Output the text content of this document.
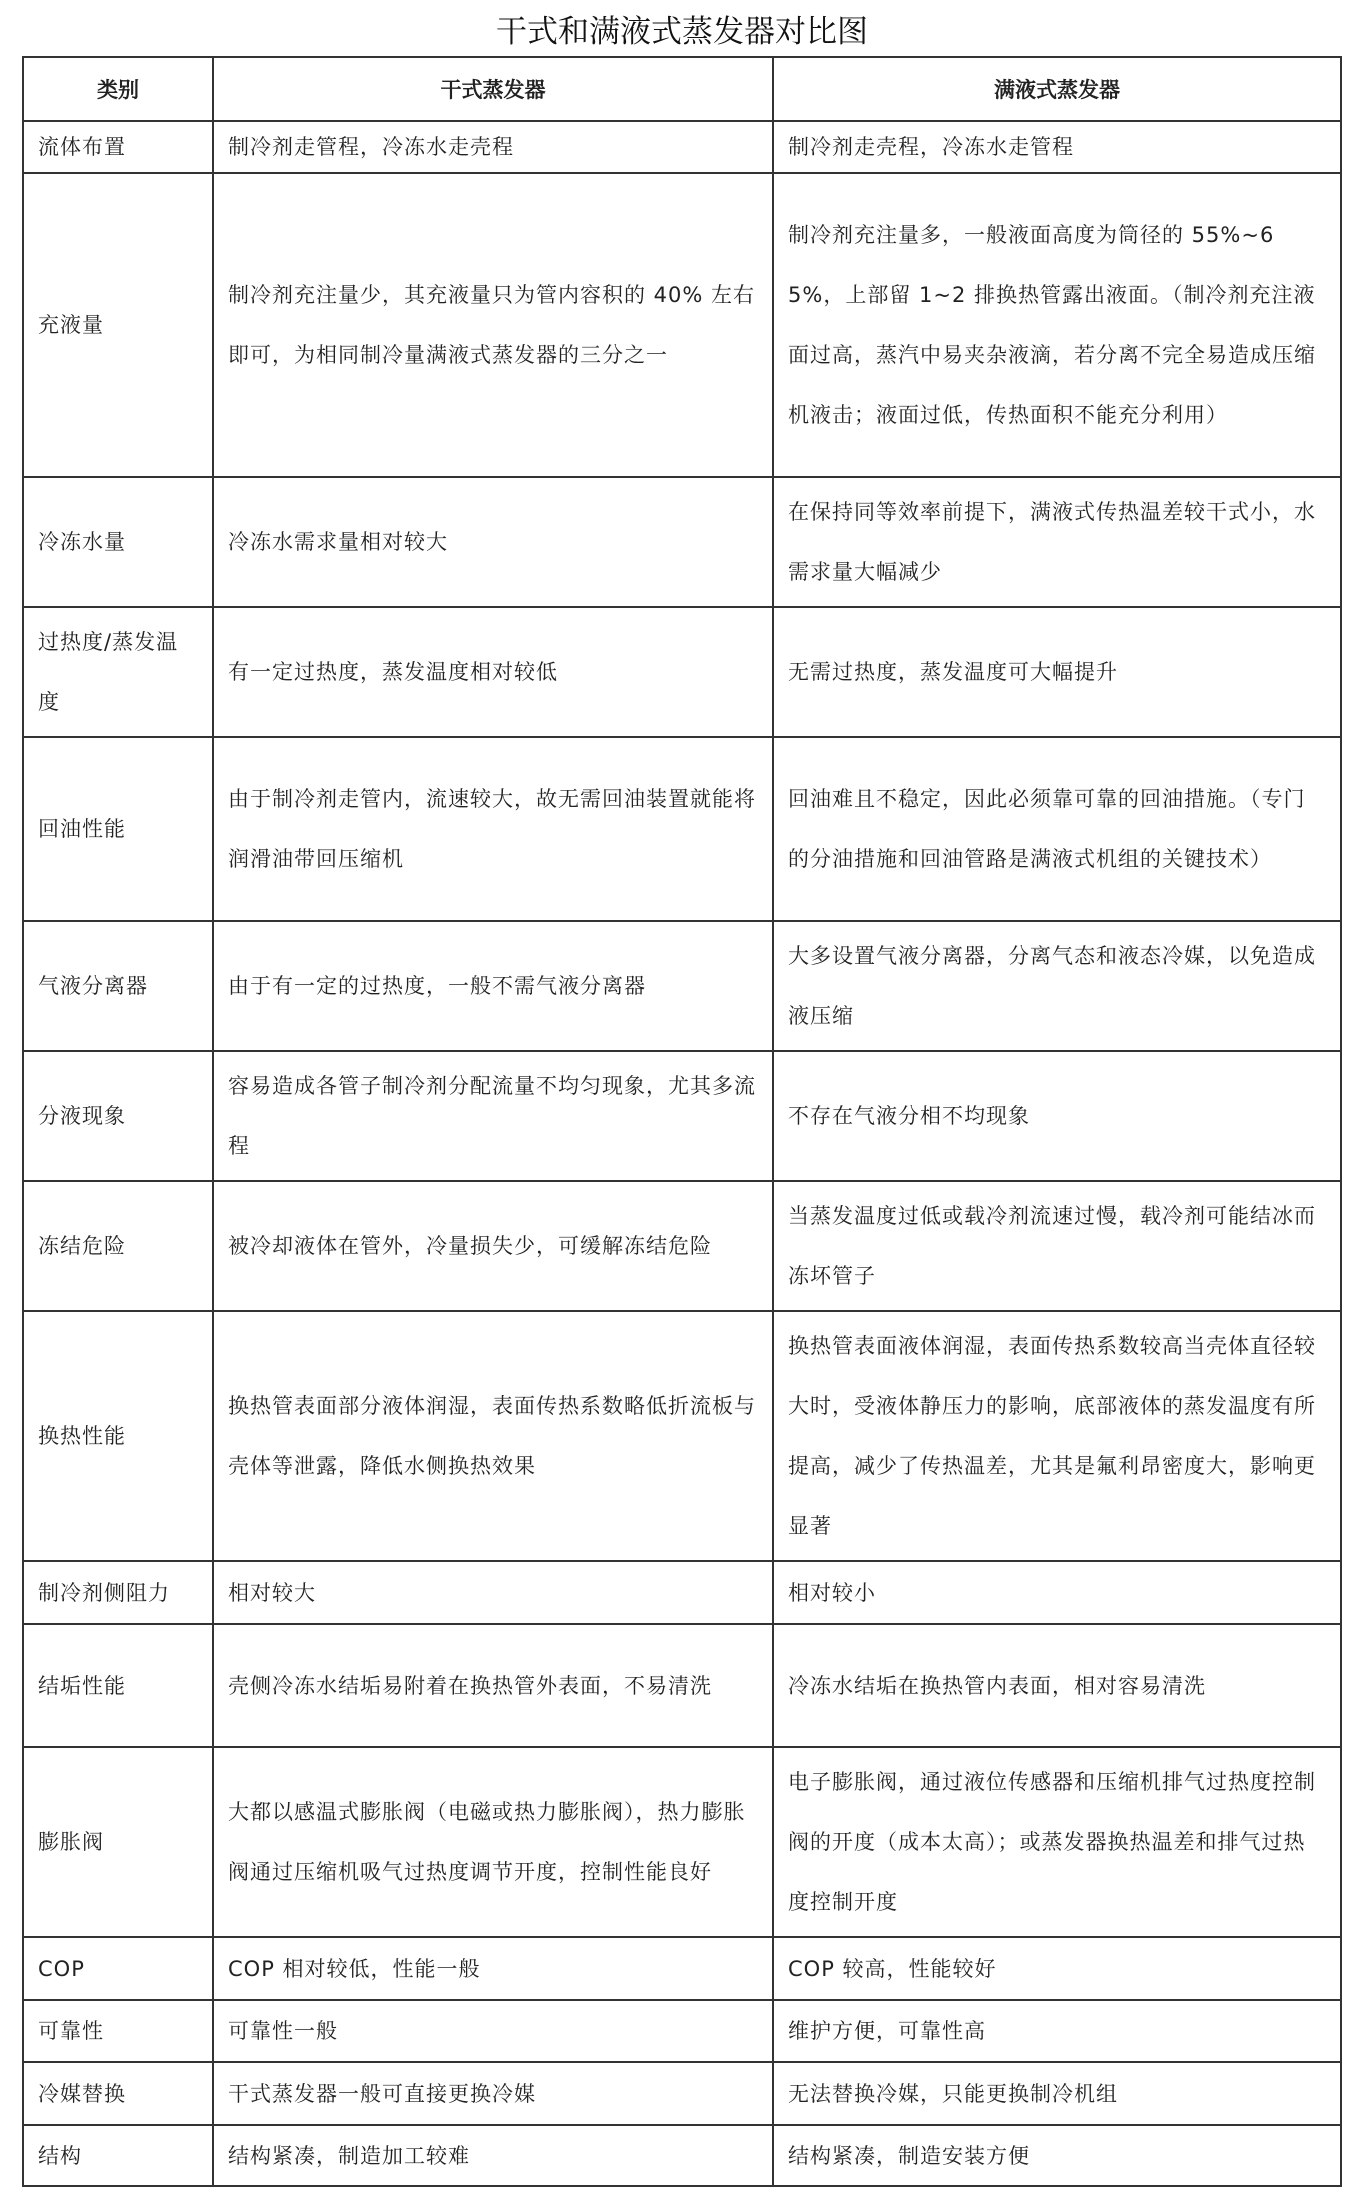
干式和满液式蒸发器对比图
类别	干式蒸发器	满液式蒸发器
流体布置	制冷剂走管程，冷冻水走壳程	制冷剂走壳程，冷冻水走管程
充液量	制冷剂充注量少，其充液量只为管内容积的 40% 左右即可，为相同制冷量满液式蒸发器的三分之一	制冷剂充注量多，一般液面高度为筒径的 55%~65%，上部留 1~2 排换热管露出液面。（制冷剂充注液面过高，蒸汽中易夹杂液滴，若分离不完全易造成压缩机液击；液面过低，传热面积不能充分利用）
冷冻水量	冷冻水需求量相对较大	在保持同等效率前提下，满液式传热温差较干式小，水需求量大幅减少
过热度/蒸发温度	有一定过热度，蒸发温度相对较低	无需过热度，蒸发温度可大幅提升
回油性能	由于制冷剂走管内，流速较大，故无需回油装置就能将润滑油带回压缩机	回油难且不稳定，因此必须靠可靠的回油措施。（专门的分油措施和回油管路是满液式机组的关键技术）
气液分离器	由于有一定的过热度，一般不需气液分离器	大多设置气液分离器，分离气态和液态冷媒，以免造成液压缩
分液现象	容易造成各管子制冷剂分配流量不均匀现象，尤其多流程	不存在气液分相不均现象
冻结危险	被冷却液体在管外，冷量损失少，可缓解冻结危险	当蒸发温度过低或载冷剂流速过慢，载冷剂可能结冰而冻坏管子
换热性能	换热管表面部分液体润湿，表面传热系数略低折流板与壳体等泄露，降低水侧换热效果	换热管表面液体润湿，表面传热系数较高当壳体直径较大时，受液体静压力的影响，底部液体的蒸发温度有所提高，减少了传热温差，尤其是氟利昂密度大，影响更显著
制冷剂侧阻力	相对较大	相对较小
结垢性能	壳侧冷冻水结垢易附着在换热管外表面，不易清洗	冷冻水结垢在换热管内表面，相对容易清洗
膨胀阀	大都以感温式膨胀阀（电磁或热力膨胀阀），热力膨胀阀通过压缩机吸气过热度调节开度，控制性能良好	电子膨胀阀，通过液位传感器和压缩机排气过热度控制阀的开度（成本太高）；或蒸发器换热温差和排气过热度控制开度
COP	COP 相对较低，性能一般	COP 较高，性能较好
可靠性	可靠性一般	维护方便，可靠性高
冷媒替换	干式蒸发器一般可直接更换冷媒	无法替换冷媒，只能更换制冷机组
结构	结构紧凑，制造加工较难	结构紧凑，制造安装方便
